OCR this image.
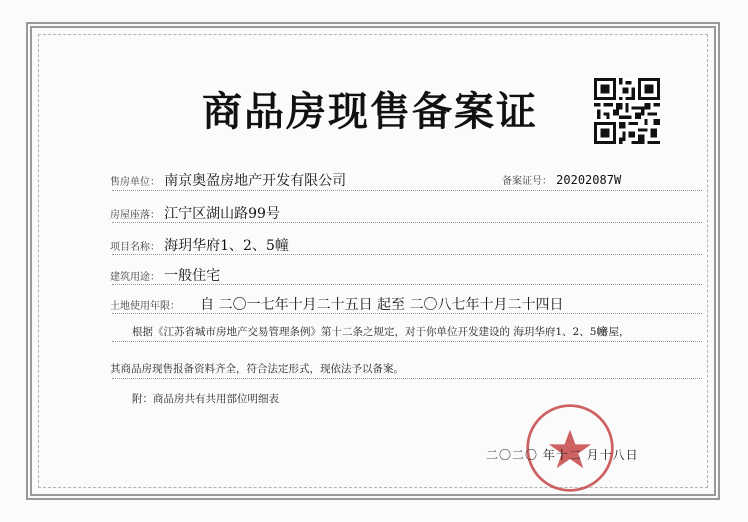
商品房现售备案证
售房单位： 南京奥盈房地产开发有限公司	备案证号： 20202087W
房屋座落： 江宁区湖山路99号
项目名称： 海玥华府1、2、5幢
建筑用途： 一般住宅
土地使用年限： 自 二〇一七年十月二十五日 起至 二〇八七年十月二十四日
根据《江苏省城市房地产交易管理条例》第十二条之规定，对于你单位开发建设的 海玥华府1、2、5幢
房屋，
其商品房现售报备资料齐全，符合法定形式，现依法予以备案。
附：商品房共有共用部位明细表
二〇二〇 年十二 月十八日
